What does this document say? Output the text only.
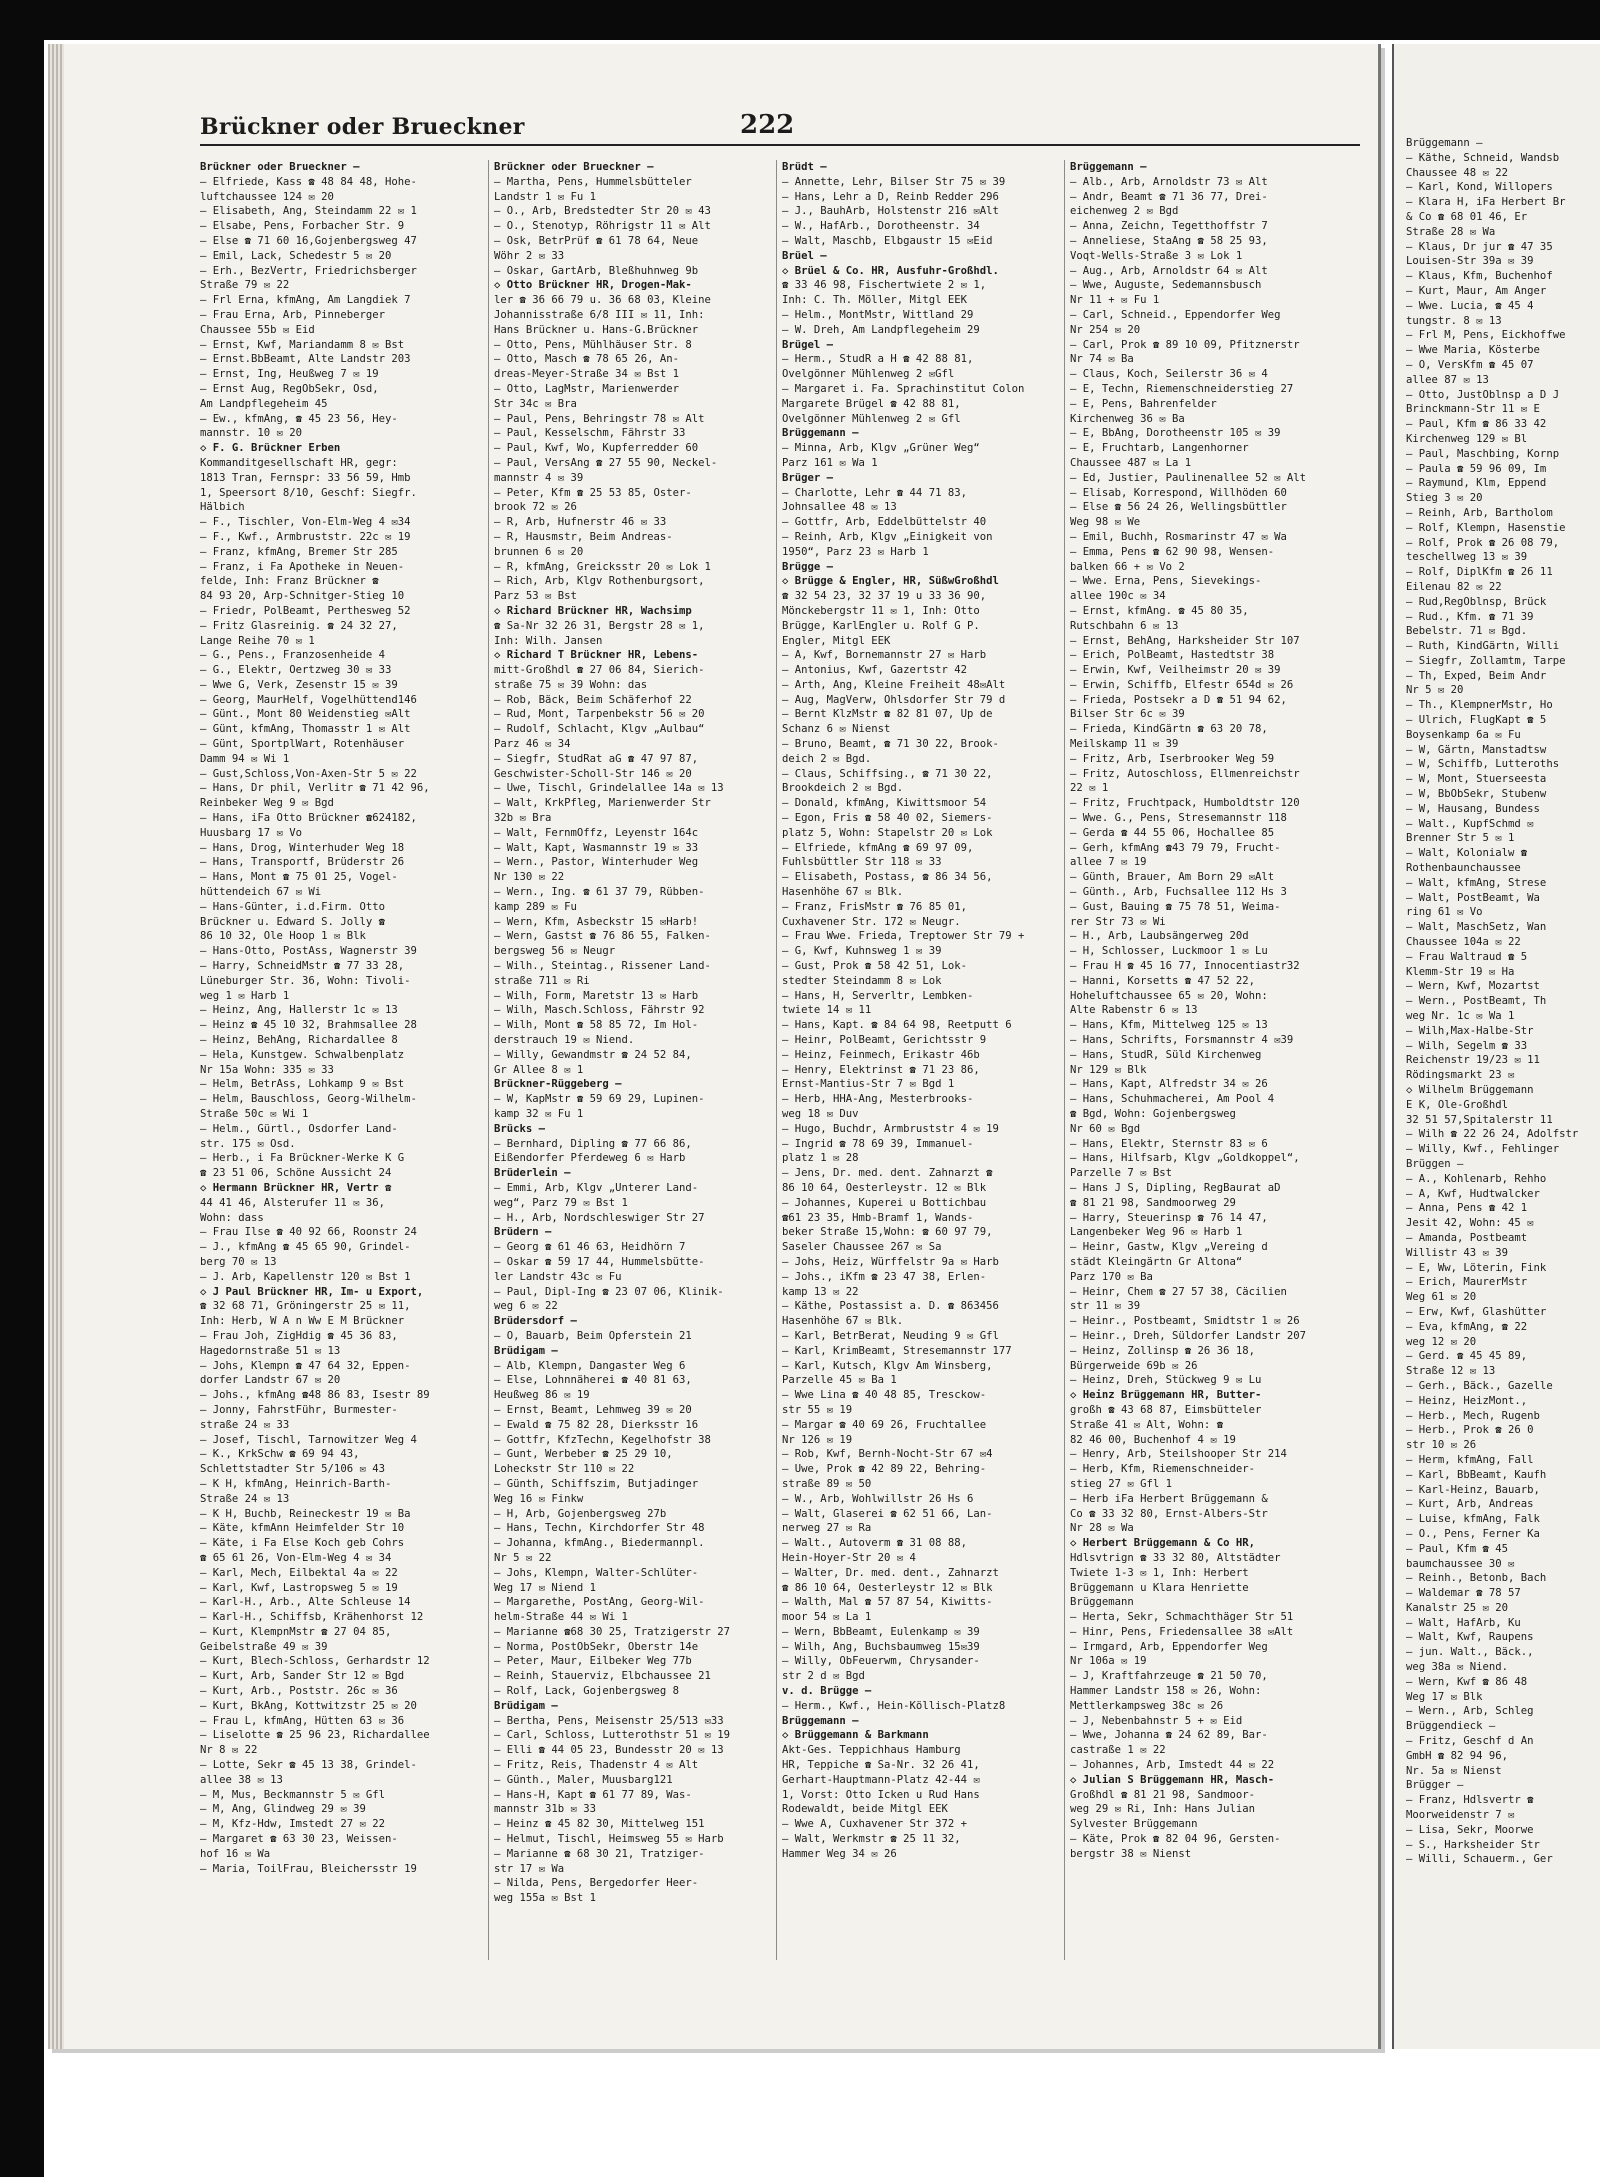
Brückner oder Brueckner	222
Brückner oder Brueckner —
— Elfriede, Kass ☎ 48 84 48, Hohe-
luftchaussee 124 ✉ 20
— Elisabeth, Ang, Steindamm 22 ✉ 1
— Elsabe, Pens, Forbacher Str. 9
— Else ☎ 71 60 16,Gojenbergsweg 47
— Emil, Lack, Schedestr 5 ✉ 20
— Erh., BezVertr, Friedrichsberger
Straße 79 ✉ 22
— Frl Erna, kfmAng, Am Langdiek 7
— Frau Erna, Arb, Pinneberger
Chaussee 55b ✉ Eid
— Ernst, Kwf, Mariandamm 8 ✉ Bst
— Ernst.BbBeamt, Alte Landstr 203
— Ernst, Ing, Heußweg 7 ✉ 19
— Ernst Aug, RegObSekr, Osd,
Am Landpflegeheim 45
— Ew., kfmAng, ☎ 45 23 56, Hey-
mannstr. 10 ✉ 20
◇ F. G. Brückner Erben
Kommanditgesellschaft HR, gegr:
1813 Tran, Fernspr: 33 56 59, Hmb
1, Speersort 8/10, Geschf: Siegfr.
Hälbich
— F., Tischler, Von-Elm-Weg 4 ✉34
— F., Kwf., Armbruststr. 22c ✉ 19
— Franz, kfmAng, Bremer Str 285
— Franz, i Fa Apotheke in Neuen-
felde, Inh: Franz Brückner ☎
84 93 20, Arp-Schnitger-Stieg 10
— Friedr, PolBeamt, Perthesweg 52
— Fritz Glasreinig. ☎ 24 32 27,
Lange Reihe 70 ✉ 1
— G., Pens., Franzosenheide 4
— G., Elektr, Oertzweg 30 ✉ 33
— Wwe G, Verk, Zesenstr 15 ✉ 39
— Georg, MaurHelf, Vogelhüttend146
— Günt., Mont 80 Weidenstieg ✉Alt
— Günt, kfmAng, Thomasstr 1 ✉ Alt
— Günt, SportplWart, Rotenhäuser
Damm 94 ✉ Wi 1
— Gust,Schloss,Von-Axen-Str 5 ✉ 22
— Hans, Dr phil, Verlitr ☎ 71 42 96,
Reinbeker Weg 9 ✉ Bgd
— Hans, iFa Otto Brückner ☎624182,
Huusbarg 17 ✉ Vo
— Hans, Drog, Winterhuder Weg 18
— Hans, Transportf, Brüderstr 26
— Hans, Mont ☎ 75 01 25, Vogel-
hüttendeich 67 ✉ Wi
— Hans-Günter, i.d.Firm. Otto
Brückner u. Edward S. Jolly ☎
86 10 32, Ole Hoop 1 ✉ Blk
— Hans-Otto, PostAss, Wagnerstr 39
— Harry, SchneidMstr ☎ 77 33 28,
Lüneburger Str. 36, Wohn: Tivoli-
weg 1 ✉ Harb 1
— Heinz, Ang, Hallerstr 1c ✉ 13
— Heinz ☎ 45 10 32, Brahmsallee 28
— Heinz, BehAng, Richardallee 8
— Hela, Kunstgew. Schwalbenplatz
Nr 15a Wohn: 335 ✉ 33
— Helm, BetrAss, Lohkamp 9 ✉ Bst
— Helm, Bauschloss, Georg-Wilhelm-
Straße 50c ✉ Wi 1
— Helm., Gürtl., Osdorfer Land-
str. 175 ✉ Osd.
— Herb., i Fa Brückner-Werke K G
☎ 23 51 06, Schöne Aussicht 24
◇ Hermann Brückner HR, Vertr ☎
44 41 46, Alsterufer 11 ✉ 36,
Wohn: dass
— Frau Ilse ☎ 40 92 66, Roonstr 24
— J., kfmAng ☎ 45 65 90, Grindel-
berg 70 ✉ 13
— J. Arb, Kapellenstr 120 ✉ Bst 1
◇ J Paul Brückner HR, Im- u Export,
☎ 32 68 71, Gröningerstr 25 ✉ 11,
Inh: Herb, W A n Ww E M Brückner
— Frau Joh, ZigHdig ☎ 45 36 83,
Hagedornstraße 51 ✉ 13
— Johs, Klempn ☎ 47 64 32, Eppen-
dorfer Landstr 67 ✉ 20
— Johs., kfmAng ☎48 86 83, Isestr 89
— Jonny, FahrstFühr, Burmester-
straße 24 ✉ 33
— Josef, Tischl, Tarnowitzer Weg 4
— K., KrkSchw ☎ 69 94 43,
Schlettstadter Str 5/106 ✉ 43
— K H, kfmAng, Heinrich-Barth-
Straße 24 ✉ 13
— K H, Buchb, Reineckestr 19 ✉ Ba
— Käte, kfmAnn Heimfelder Str 10
— Käte, i Fa Else Koch geb Cohrs
☎ 65 61 26, Von-Elm-Weg 4 ✉ 34
— Karl, Mech, Eilbektal 4a ✉ 22
— Karl, Kwf, Lastropsweg 5 ✉ 19
— Karl-H., Arb., Alte Schleuse 14
— Karl-H., Schiffsb, Krähenhorst 12
— Kurt, KlempnMstr ☎ 27 04 85,
Geibelstraße 49 ✉ 39
— Kurt, Blech-Schloss, Gerhardstr 12
— Kurt, Arb, Sander Str 12 ✉ Bgd
— Kurt, Arb., Poststr. 26c ✉ 36
— Kurt, BkAng, Kottwitzstr 25 ✉ 20
— Frau L, kfmAng, Hütten 63 ✉ 36
— Liselotte ☎ 25 96 23, Richardallee
Nr 8 ✉ 22
— Lotte, Sekr ☎ 45 13 38, Grindel-
allee 38 ✉ 13
— M, Mus, Beckmannstr 5 ✉ Gfl
— M, Ang, Glindweg 29 ✉ 39
— M, Kfz-Hdw, Imstedt 27 ✉ 22
— Margaret ☎ 63 30 23, Weissen-
hof 16 ✉ Wa
— Maria, ToilFrau, Bleichersstr 19
Brückner oder Brueckner —
— Martha, Pens, Hummelsbütteler
Landstr 1 ✉ Fu 1
— O., Arb, Bredstedter Str 20 ✉ 43
— O., Stenotyp, Röhrigstr 11 ✉ Alt
— Osk, BetrPrüf ☎ 61 78 64, Neue
Wöhr 2 ✉ 33
— Oskar, GartArb, Bleßhuhnweg 9b
◇ Otto Brückner HR, Drogen-Mak-
ler ☎ 36 66 79 u. 36 68 03, Kleine
Johannisstraße 6/8 III ✉ 11, Inh:
Hans Brückner u. Hans-G.Brückner
— Otto, Pens, Mühlhäuser Str. 8
— Otto, Masch ☎ 78 65 26, An-
dreas-Meyer-Straße 34 ✉ Bst 1
— Otto, LagMstr, Marienwerder
Str 34c ✉ Bra
— Paul, Pens, Behringstr 78 ✉ Alt
— Paul, Kesselschm, Fährstr 33
— Paul, Kwf, Wo, Kupferredder 60
— Paul, VersAng ☎ 27 55 90, Neckel-
mannstr 4 ✉ 39
— Peter, Kfm ☎ 25 53 85, Oster-
brook 72 ✉ 26
— R, Arb, Hufnerstr 46 ✉ 33
— R, Hausmstr, Beim Andreas-
brunnen 6 ✉ 20
— R, kfmAng, Greicksstr 20 ✉ Lok 1
— Rich, Arb, Klgv Rothenburgsort,
Parz 53 ✉ Bst
◇ Richard Brückner HR, Wachsimp
☎ Sa-Nr 32 26 31, Bergstr 28 ✉ 1,
Inh: Wilh. Jansen
◇ Richard T Brückner HR, Lebens-
mitt-Großhdl ☎ 27 06 84, Sierich-
straße 75 ✉ 39 Wohn: das
— Rob, Bäck, Beim Schäferhof 22
— Rud, Mont, Tarpenbekstr 56 ✉ 20
— Rudolf, Schlacht, Klgv „Aulbau“
Parz 46 ✉ 34
— Siegfr, StudRat aG ☎ 47 97 87,
Geschwister-Scholl-Str 146 ✉ 20
— Uwe, Tischl, Grindelallee 14a ✉ 13
— Walt, KrkPfleg, Marienwerder Str
32b ✉ Bra
— Walt, FernmOffz, Leyenstr 164c
— Walt, Kapt, Wasmannstr 19 ✉ 33
— Wern., Pastor, Winterhuder Weg
Nr 130 ✉ 22
— Wern., Ing. ☎ 61 37 79, Rübben-
kamp 289 ✉ Fu
— Wern, Kfm, Asbeckstr 15 ✉Harb!
— Wern, Gastst ☎ 76 86 55, Falken-
bergsweg 56 ✉ Neugr
— Wilh., Steintag., Rissener Land-
straße 711 ✉ Ri
— Wilh, Form, Maretstr 13 ✉ Harb
— Wilh, Masch.Schloss, Fährstr 92
— Wilh, Mont ☎ 58 85 72, Im Hol-
derstrauch 19 ✉ Niend.
— Willy, Gewandmstr ☎ 24 52 84,
Gr Allee 8 ✉ 1
Brückner-Rüggeberg —
— W, KapMstr ☎ 59 69 29, Lupinen-
kamp 32 ✉ Fu 1
Brücks —
— Bernhard, Dipling ☎ 77 66 86,
Eißendorfer Pferdeweg 6 ✉ Harb
Brüderlein —
— Emmi, Arb, Klgv „Unterer Land-
weg“, Parz 79 ✉ Bst 1
— H., Arb, Nordschleswiger Str 27
Brüdern —
— Georg ☎ 61 46 63, Heidhörn 7
— Oskar ☎ 59 17 44, Hummelsbütte-
ler Landstr 43c ✉ Fu
— Paul, Dipl-Ing ☎ 23 07 06, Klinik-
weg 6 ✉ 22
Brüdersdorf —
— O, Bauarb, Beim Opferstein 21
Brüdigam —
— Alb, Klempn, Dangaster Weg 6
— Else, Lohnnäherei ☎ 40 81 63,
Heußweg 86 ✉ 19
— Ernst, Beamt, Lehmweg 39 ✉ 20
— Ewald ☎ 75 82 28, Dierksstr 16
— Gottfr, KfzTechn, Kegelhofstr 38
— Gunt, Werbeber ☎ 25 29 10,
Loheckstr Str 110 ✉ 22
— Günth, Schiffszim, Butjadinger
Weg 16 ✉ Finkw
— H, Arb, Gojenbergsweg 27b
— Hans, Techn, Kirchdorfer Str 48
— Johanna, kfmAng., Biedermannpl.
Nr 5 ✉ 22
— Johs, Klempn, Walter-Schlüter-
Weg 17 ✉ Niend 1
— Margarethe, PostAng, Georg-Wil-
helm-Straße 44 ✉ Wi 1
— Marianne ☎68 30 25, Tratzigerstr 27
— Norma, PostObSekr, Oberstr 14e
— Peter, Maur, Eilbeker Weg 77b
— Reinh, Stauerviz, Elbchaussee 21
— Rolf, Lack, Gojenbergsweg 8
Brüdigam —
— Bertha, Pens, Meisenstr 25/513 ✉33
— Carl, Schloss, Lutterothstr 51 ✉ 19
— Elli ☎ 44 05 23, Bundesstr 20 ✉ 13
— Fritz, Reis, Thadenstr 4 ✉ Alt
— Günth., Maler, Muusbarg121
— Hans-H, Kapt ☎ 61 77 89, Was-
mannstr 31b ✉ 33
— Heinz ☎ 45 82 30, Mittelweg 151
— Helmut, Tischl, Heimsweg 55 ✉ Harb
— Marianne ☎ 68 30 21, Tratziger-
str 17 ✉ Wa
— Nilda, Pens, Bergedorfer Heer-
weg 155a ✉ Bst 1
Brüdt —
— Annette, Lehr, Bilser Str 75 ✉ 39
— Hans, Lehr a D, Reinb Redder 296
— J., BauhArb, Holstenstr 216 ✉Alt
— W., HafArb., Dorotheenstr. 34
— Walt, Maschb, Elbgaustr 15 ✉Eid
Brüel —
◇ Brüel & Co. HR, Ausfuhr-Großhdl.
☎ 33 46 98, Fischertwiete 2 ✉ 1,
Inh: C. Th. Möller, Mitgl EEK
— Helm., MontMstr, Wittland 29
— W. Dreh, Am Landpflegeheim 29
Brügel —
— Herm., StudR a H ☎ 42 88 81,
Ovelgönner Mühlenweg 2 ✉Gfl
— Margaret i. Fa. Sprachinstitut Colon
Margarete Brügel ☎ 42 88 81,
Ovelgönner Mühlenweg 2 ✉ Gfl
Brüggemann —
— Minna, Arb, Klgv „Grüner Weg“
Parz 161 ✉ Wa 1
Brüger —
— Charlotte, Lehr ☎ 44 71 83,
Johnsallee 48 ✉ 13
— Gottfr, Arb, Eddelbüttelstr 40
— Reinh, Arb, Klgv „Einigkeit von
1950“, Parz 23 ✉ Harb 1
Brügge —
◇ Brügge & Engler, HR, SüßwGroßhdl
☎ 32 54 23, 32 37 19 u 33 36 90,
Mönckebergstr 11 ✉ 1, Inh: Otto
Brügge, KarlEngler u. Rolf G P.
Engler, Mitgl EEK
— A, Kwf, Bornemannstr 27 ✉ Harb
— Antonius, Kwf, Gazertstr 42
— Arth, Ang, Kleine Freiheit 48✉Alt
— Aug, MagVerw, Ohlsdorfer Str 79 d
— Bernt KlzMstr ☎ 82 81 07, Up de
Schanz 6 ✉ Nienst
— Bruno, Beamt, ☎ 71 30 22, Brook-
deich 2 ✉ Bgd.
— Claus, Schiffsing., ☎ 71 30 22,
Brookdeich 2 ✉ Bgd.
— Donald, kfmAng, Kiwittsmoor 54
— Egon, Fris ☎ 58 40 02, Siemers-
platz 5, Wohn: Stapelstr 20 ✉ Lok
— Elfriede, kfmAng ☎ 69 97 09,
Fuhlsbüttler Str 118 ✉ 33
— Elisabeth, Postass, ☎ 86 34 56,
Hasenhöhe 67 ✉ Blk.
— Franz, FrisMstr ☎ 76 85 01,
Cuxhavener Str. 172 ✉ Neugr.
— Frau Wwe. Frieda, Treptower Str 79 +
— G, Kwf, Kuhnsweg 1 ✉ 39
— Gust, Prok ☎ 58 42 51, Lok-
stedter Steindamm 8 ✉ Lok
— Hans, H, Serverltr, Lembken-
twiete 14 ✉ 11
— Hans, Kapt. ☎ 84 64 98, Reetputt 6
— Heinr, PolBeamt, Gerichtsstr 9
— Heinz, Feinmech, Erikastr 46b
— Henry, Elektrinst ☎ 71 23 86,
Ernst-Mantius-Str 7 ✉ Bgd 1
— Herb, HHA-Ang, Mesterbrooks-
weg 18 ✉ Duv
— Hugo, Buchdr, Armbruststr 4 ✉ 19
— Ingrid ☎ 78 69 39, Immanuel-
platz 1 ✉ 28
— Jens, Dr. med. dent. Zahnarzt ☎
86 10 64, Oesterleystr. 12 ✉ Blk
— Johannes, Kuperei u Bottichbau
☎61 23 35, Hmb-Bramf 1, Wands-
beker Straße 15,Wohn: ☎ 60 97 79,
Saseler Chaussee 267 ✉ Sa
— Johs, Heiz, Würffelstr 9a ✉ Harb
— Johs., iKfm ☎ 23 47 38, Erlen-
kamp 13 ✉ 22
— Käthe, Postassist a. D. ☎ 863456
Hasenhöhe 67 ✉ Blk.
— Karl, BetrBerat, Neuding 9 ✉ Gfl
— Karl, KrimBeamt, Stresemannstr 177
— Karl, Kutsch, Klgv Am Winsberg,
Parzelle 45 ✉ Ba 1
— Wwe Lina ☎ 40 48 85, Tresckow-
str 55 ✉ 19
— Margar ☎ 40 69 26, Fruchtallee
Nr 126 ✉ 19
— Rob, Kwf, Bernh-Nocht-Str 67 ✉4
— Uwe, Prok ☎ 42 89 22, Behring-
straße 89 ✉ 50
— W., Arb, Wohlwillstr 26 Hs 6
— Walt, Glaserei ☎ 62 51 66, Lan-
nerweg 27 ✉ Ra
— Walt., Autoverm ☎ 31 08 88,
Hein-Hoyer-Str 20 ✉ 4
— Walter, Dr. med. dent., Zahnarzt
☎ 86 10 64, Oesterleystr 12 ✉ Blk
— Walth, Mal ☎ 57 87 54, Kiwitts-
moor 54 ✉ La 1
— Wern, BbBeamt, Eulenkamp ✉ 39
— Wilh, Ang, Buchsbaumweg 15✉39
— Willy, ObFeuerwm, Chrysander-
str 2 d ✉ Bgd
v. d. Brügge —
— Herm., Kwf., Hein-Köllisch-Platz8
Brüggemann —
◇ Brüggemann & Barkmann
Akt-Ges. Teppichhaus Hamburg
HR, Teppiche ☎ Sa-Nr. 32 26 41,
Gerhart-Hauptmann-Platz 42-44 ✉
1, Vorst: Otto Icken u Rud Hans
Rodewaldt, beide Mitgl EEK
— Wwe A, Cuxhavener Str 372 +
— Walt, Werkmstr ☎ 25 11 32,
Hammer Weg 34 ✉ 26
Brüggemann —
— Alb., Arb, Arnoldstr 73 ✉ Alt
— Andr, Beamt ☎ 71 36 77, Drei-
eichenweg 2 ✉ Bgd
— Anna, Zeichn, Tegetthoffstr 7
— Anneliese, StaAng ☎ 58 25 93,
Voqt-Wells-Straße 3 ✉ Lok 1
— Aug., Arb, Arnoldstr 64 ✉ Alt
— Wwe, Auguste, Sedemannsbusch
Nr 11 + ✉ Fu 1
— Carl, Schneid., Eppendorfer Weg
Nr 254 ✉ 20
— Carl, Prok ☎ 89 10 09, Pfitznerstr
Nr 74 ✉ Ba
— Claus, Koch, Seilerstr 36 ✉ 4
— E, Techn, Riemenschneiderstieg 27
— E, Pens, Bahrenfelder
Kirchenweg 36 ✉ Ba
— E, BbAng, Dorotheenstr 105 ✉ 39
— E, Fruchtarb, Langenhorner
Chaussee 487 ✉ La 1
— Ed, Justier, Paulinenallee 52 ✉ Alt
— Elisab, Korrespond, Willhöden 60
— Else ☎ 56 24 26, Wellingsbüttler
Weg 98 ✉ We
— Emil, Buchh, Rosmarinstr 47 ✉ Wa
— Emma, Pens ☎ 62 90 98, Wensen-
balken 66 + ✉ Vo 2
— Wwe. Erna, Pens, Sievekings-
allee 190c ✉ 34
— Ernst, kfmAng. ☎ 45 80 35,
Rutschbahn 6 ✉ 13
— Ernst, BehAng, Harksheider Str 107
— Erich, PolBeamt, Hastedtstr 38
— Erwin, Kwf, Veilheimstr 20 ✉ 39
— Erwin, Schiffb, Elfestr 654d ✉ 26
— Frieda, Postsekr a D ☎ 51 94 62,
Bilser Str 6c ✉ 39
— Frieda, KindGärtn ☎ 63 20 78,
Meilskamp 11 ✉ 39
— Fritz, Arb, Iserbrooker Weg 59
— Fritz, Autoschloss, Ellmenreichstr
22 ✉ 1
— Fritz, Fruchtpack, Humboldtstr 120
— Wwe. G., Pens, Stresemannstr 118
— Gerda ☎ 44 55 06, Hochallee 85
— Gerh, kfmAng ☎43 79 79, Frucht-
allee 7 ✉ 19
— Günth, Brauer, Am Born 29 ✉Alt
— Günth., Arb, Fuchsallee 112 Hs 3
— Gust, Bauing ☎ 75 78 51, Weima-
rer Str 73 ✉ Wi
— H., Arb, Laubsängerweg 20d
— H, Schlosser, Luckmoor 1 ✉ Lu
— Frau H ☎ 45 16 77, Innocentiastr32
— Hanni, Korsetts ☎ 47 52 22,
Hoheluftchaussee 65 ✉ 20, Wohn:
Alte Rabenstr 6 ✉ 13
— Hans, Kfm, Mittelweg 125 ✉ 13
— Hans, Schrifts, Forsmannstr 4 ✉39
— Hans, StudR, Süld Kirchenweg
Nr 129 ✉ Blk
— Hans, Kapt, Alfredstr 34 ✉ 26
— Hans, Schuhmacherei, Am Pool 4
☎ Bgd, Wohn: Gojenbergsweg
Nr 60 ✉ Bgd
— Hans, Elektr, Sternstr 83 ✉ 6
— Hans, Hilfsarb, Klgv „Goldkoppel“,
Parzelle 7 ✉ Bst
— Hans J S, Dipling, RegBaurat aD
☎ 81 21 98, Sandmoorweg 29
— Harry, Steuerinsp ☎ 76 14 47,
Langenbeker Weg 96 ✉ Harb 1
— Heinr, Gastw, Klgv „Vereing d
städt Kleingärtn Gr Altona“
Parz 170 ✉ Ba
— Heinr, Chem ☎ 27 57 38, Cäcilien
str 11 ✉ 39
— Heinr., Postbeamt, Smidtstr 1 ✉ 26
— Heinr., Dreh, Süldorfer Landstr 207
— Heinz, Zollinsp ☎ 26 36 18,
Bürgerweide 69b ✉ 26
— Heinz, Dreh, Stückweg 9 ✉ Lu
◇ Heinz Brüggemann HR, Butter-
großh ☎ 43 68 87, Eimsbütteler
Straße 41 ✉ Alt, Wohn: ☎
82 46 00, Buchenhof 4 ✉ 19
— Henry, Arb, Steilshooper Str 214
— Herb, Kfm, Riemenschneider-
stieg 27 ✉ Gfl 1
— Herb iFa Herbert Brüggemann &
Co ☎ 33 32 80, Ernst-Albers-Str
Nr 28 ✉ Wa
◇ Herbert Brüggemann & Co HR,
Hdlsvtrign ☎ 33 32 80, Altstädter
Twiete 1-3 ✉ 1, Inh: Herbert
Brüggemann u Klara Henriette
Brüggemann
— Herta, Sekr, Schmachthäger Str 51
— Hinr, Pens, Friedensallee 38 ✉Alt
— Irmgard, Arb, Eppendorfer Weg
Nr 106a ✉ 19
— J, Kraftfahrzeuge ☎ 21 50 70,
Hammer Landstr 158 ✉ 26, Wohn:
Mettlerkampsweg 38c ✉ 26
— J, Nebenbahnstr 5 + ✉ Eid
— Wwe, Johanna ☎ 24 62 89, Bar-
castraße 1 ✉ 22
— Johannes, Arb, Imstedt 44 ✉ 22
◇ Julian S Brüggemann HR, Masch-
Großhdl ☎ 81 21 98, Sandmoor-
weg 29 ✉ Ri, Inh: Hans Julian
Sylvester Brüggemann
— Käte, Prok ☎ 82 04 96, Gersten-
bergstr 38 ✉ Nienst
Brüggemann —
— Käthe, Schneid, Wandsb
Chaussee 48 ✉ 22
— Karl, Kond, Willopers
— Klara H, iFa Herbert Br
& Co ☎ 68 01 46, Er
Straße 28 ✉ Wa
— Klaus, Dr jur ☎ 47 35
Louisen-Str 39a ✉ 39
— Klaus, Kfm, Buchenhof
— Kurt, Maur, Am Anger
— Wwe. Lucia, ☎ 45 4
tungstr. 8 ✉ 13
— Frl M, Pens, Eickhoffwe
— Wwe Maria, Kösterbe
— O, VersKfm ☎ 45 07
allee 87 ✉ 13
— Otto, JustOblnsp a D J
Brinckmann-Str 11 ✉ E
— Paul, Kfm ☎ 86 33 42
Kirchenweg 129 ✉ Bl
— Paul, Maschbing, Kornp
— Paula ☎ 59 96 09, Im
— Raymund, Klm, Eppend
Stieg 3 ✉ 20
— Reinh, Arb, Bartholom
— Rolf, Klempn, Hasenstie
— Rolf, Prok ☎ 26 08 79,
teschellweg 13 ✉ 39
— Rolf, DiplKfm ☎ 26 11
Eilenau 82 ✉ 22
— Rud,RegOblnsp, Brück
— Rud., Kfm. ☎ 71 39
Bebelstr. 71 ✉ Bgd.
— Ruth, KindGärtn, Willi
— Siegfr, Zollamtm, Tarpe
— Th, Exped, Beim Andr
Nr 5 ✉ 20
— Th., KlempnerMstr, Ho
— Ulrich, FlugKapt ☎ 5
Boysenkamp 6a ✉ Fu
— W, Gärtn, Manstadtsw
— W, Schiffb, Lutteroths
— W, Mont, Stuerseesta
— W, BbObSekr, Stubenw
— W, Hausang, Bundess
— Walt., KupfSchmd ✉
Brenner Str 5 ✉ 1
— Walt, Kolonialw ☎
Rothenbaunchaussee
— Walt, kfmAng, Strese
— Walt, PostBeamt, Wa
ring 61 ✉ Vo
— Walt, MaschSetz, Wan
Chaussee 104a ✉ 22
— Frau Waltraud ☎ 5
Klemm-Str 19 ✉ Ha
— Wern, Kwf, Mozartst
— Wern., PostBeamt, Th
weg Nr. 1c ✉ Wa 1
— Wilh,Max-Halbe-Str
— Wilh, Segelm ☎ 33
Reichenstr 19/23 ✉ 11
Rödingsmarkt 23 ✉
◇ Wilhelm Brüggemann
E K, Ole-Großhdl
32 51 57,Spitalerstr 11
— Wilh ☎ 22 26 24, Adolfstr
— Willy, Kwf., Fehlinger
Brüggen —
— A., Kohlenarb, Rehho
— A, Kwf, Hudtwalcker
— Anna, Pens ☎ 42 1
Jesit 42, Wohn: 45 ✉
— Amanda, Postbeamt
Willistr 43 ✉ 39
— E, Ww, Löterin, Fink
— Erich, MaurerMstr
Weg 61 ✉ 20
— Erw, Kwf, Glashütter
— Eva, kfmAng, ☎ 22
weg 12 ✉ 20
— Gerd. ☎ 45 45 89,
Straße 12 ✉ 13
— Gerh., Bäck., Gazelle
— Heinz, HeizMont.,
— Herb., Mech, Rugenb
— Herb., Prok ☎ 26 0
str 10 ✉ 26
— Herm, kfmAng, Fall
— Karl, BbBeamt, Kaufh
— Karl-Heinz, Bauarb,
— Kurt, Arb, Andreas
— Luise, kfmAng, Falk
— O., Pens, Ferner Ka
— Paul, Kfm ☎ 45
baumchaussee 30 ✉
— Reinh., Betonb, Bach
— Waldemar ☎ 78 57
Kanalstr 25 ✉ 20
— Walt, HafArb, Ku
— Walt, Kwf, Raupens
— jun. Walt., Bäck.,
weg 38a ✉ Niend.
— Wern, Kwf ☎ 86 48
Weg 17 ✉ Blk
— Wern., Arb, Schleg
Brüggendieck —
— Fritz, Geschf d An
GmbH ☎ 82 94 96,
Nr. 5a ✉ Nienst
Brügger —
— Franz, Hdlsvertr ☎
Moorweidenstr 7 ✉
— Lisa, Sekr, Moorwe
— S., Harksheider Str
— Willi, Schauerm., Ger
